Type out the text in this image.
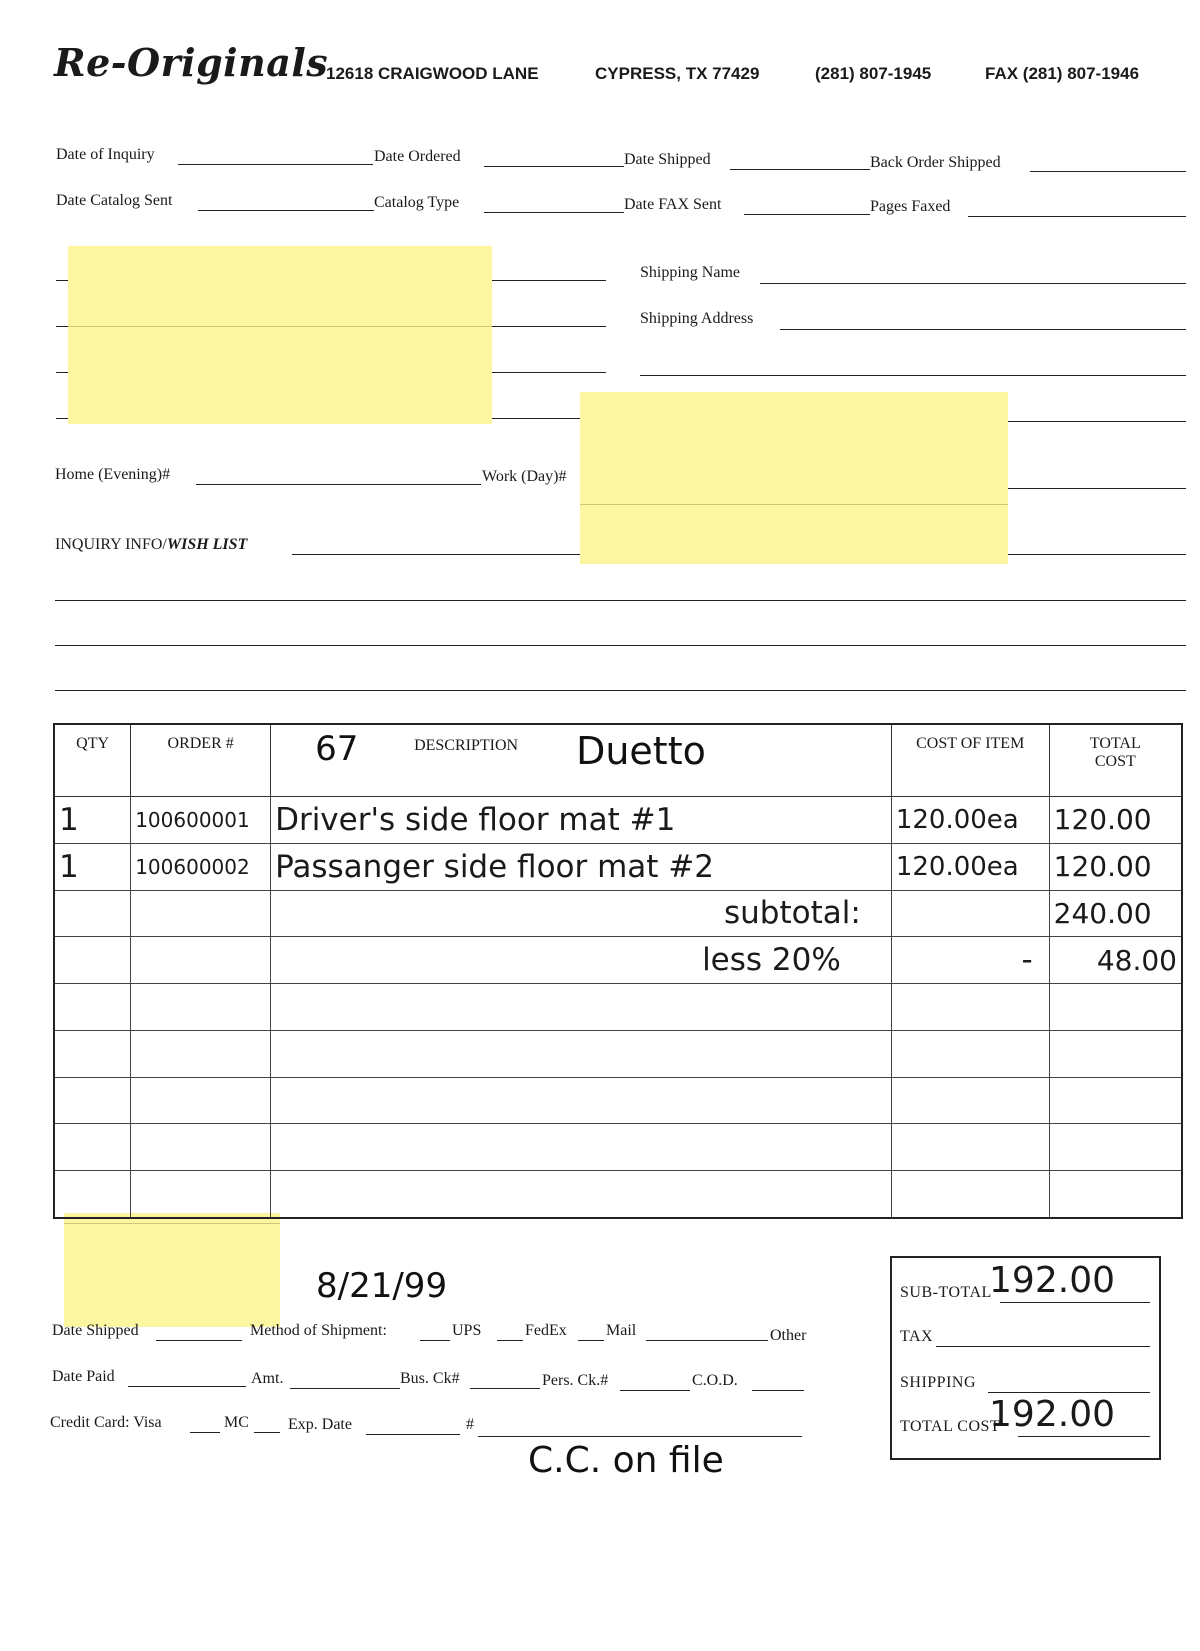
Re-Originals
12618 CRAIGWOOD LANE	CYPRESS, TX 77429	(281) 807-1945	FAX (281) 807-1946
Date of Inquiry	Date Ordered	Date Shipped	Back Order Shipped
Date Catalog Sent	Catalog Type	Date FAX Sent	Pages Faxed
Shipping Name
Shipping Address
Home (Evening)#	Work (Day)#
INQUIRY INFO/WISH LIST
QTY	ORDER #	67 DESCRIPTION Duetto	COST OF ITEM	TOTAL COST
1	100600001	Driver's side floor mat #1	120.00ea	120.00
1	100600002	Passanger side floor mat #2	120.00ea	120.00
		subtotal:		240.00
		less 20%	-	48.00

8/21/99
Date Shipped	Method of Shipment:	UPS	FedEx Mail	Other
Date Paid	Amt.	Bus. Ck#	Pers. Ck.#	C.O.D.
Credit Card: Visa	MC Exp. Date	#
C.C. on file
SUB-TOTAL
192.00
TAX
SHIPPING
TOTAL COST
192.00
